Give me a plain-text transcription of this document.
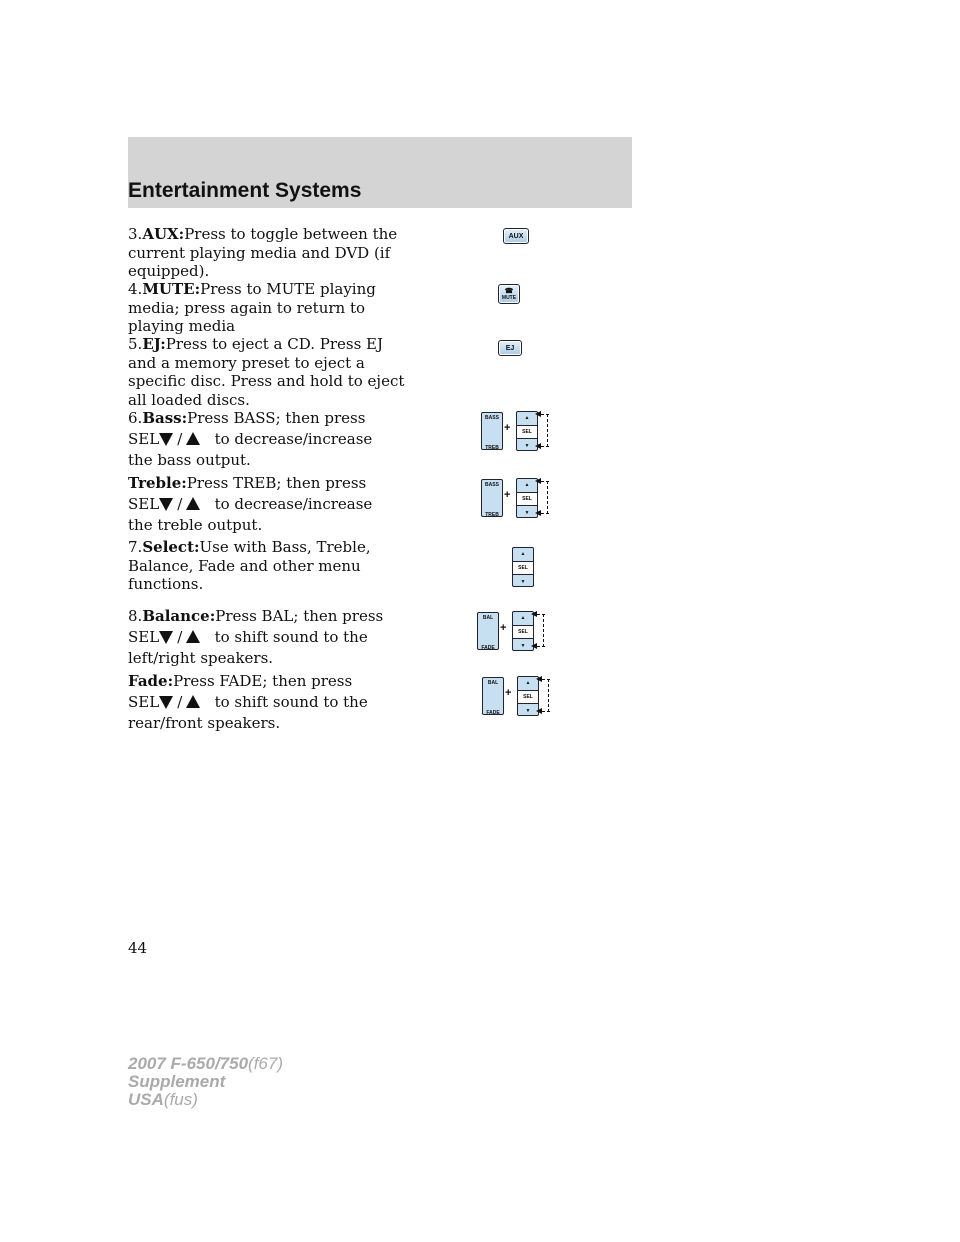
Entertainment Systems
3.AUX:Press to toggle between the
current playing media and DVD (if
equipped).
AUX
4.MUTE:Press to MUTE playing
media; press again to return to
playing media
☎
MUTE
5.EJ:Press to eject a CD. Press EJ
and a memory preset to eject a
specific disc. Press and hold to eject
all loaded discs.
EJ
6.Bass:Press BASS; then press
SEL / to decrease/increase
the bass output.
BASS
TREB
+
▲
SEL
▼
Treble:Press TREB; then press
SEL / to decrease/increase
the treble output.
BASS
TREB
+
▲
SEL
▼
7.Select:Use with Bass, Treble,
Balance, Fade and other menu
functions.
▲
SEL
▼
8.Balance:Press BAL; then press
SEL / to shift sound to the
left/right speakers.
BAL
FADE
+
▲
SEL
▼
Fade:Press FADE; then press
SEL / to shift sound to the
rear/front speakers.
BAL
FADE
+
▲
SEL
▼
44
2007 F-650/750(f67)
Supplement
USA(fus)
